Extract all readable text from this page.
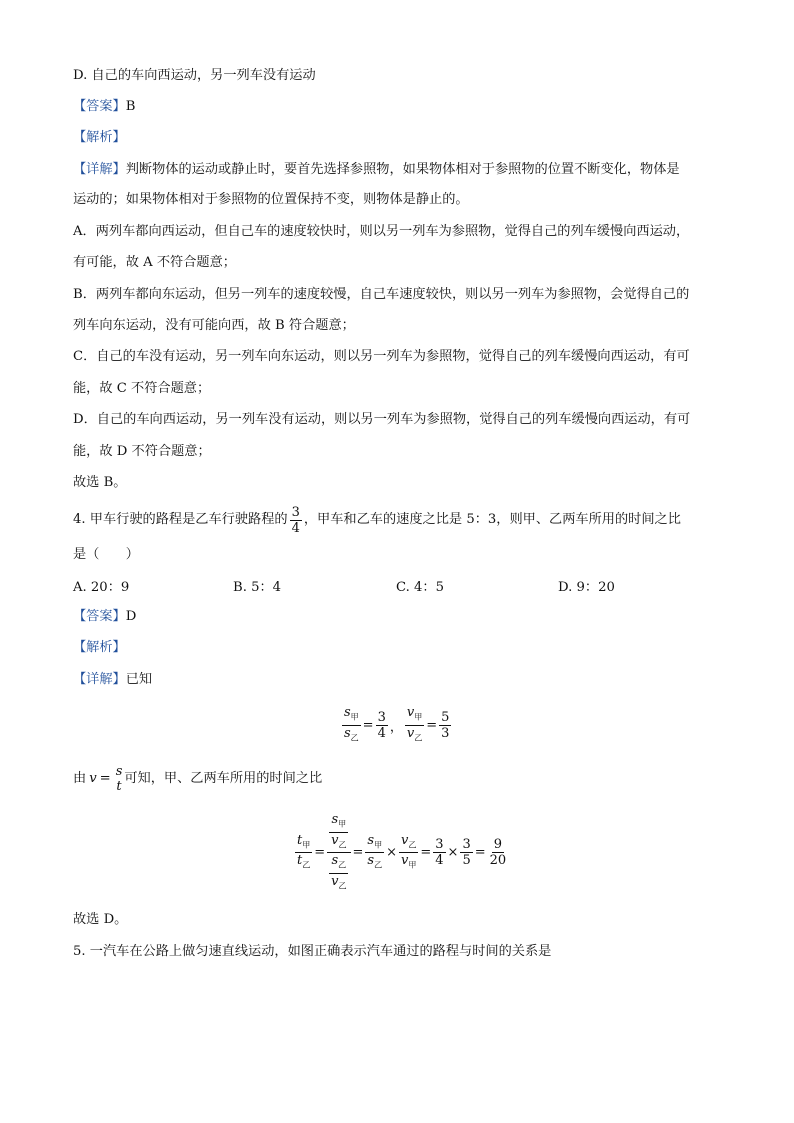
D. 自己的车向西运动，另一列车没有运动
【答案】B
【解析】
【详解】判断物体的运动或静止时，要首先选择参照物，如果物体相对于参照物的位置不断变化，物体是
运动的；如果物体相对于参照物的位置保持不变，则物体是静止的。
A．两列车都向西运动，但自己车的速度较快时，则以另一列车为参照物，觉得自己的列车缓慢向西运动，
有可能，故 A 不符合题意；
B．两列车都向东运动，但另一列车的速度较慢，自己车速度较快，则以另一列车为参照物，会觉得自己的
列车向东运动，没有可能向西，故 B 符合题意；
C．自己的车没有运动，另一列车向东运动，则以另一列车为参照物，觉得自己的列车缓慢向西运动，有可
能，故 C 不符合题意；
D．自己的车向西运动，另一列车没有运动，则以另一列车为参照物，觉得自己的列车缓慢向西运动，有可
能，故 D 不符合题意；
故选 B。
4. 甲车行驶的路程是乙车行驶路程的 $\frac{3}{4}$ ，甲车和乙车的速度之比是 5：3，则甲、乙两车所用的时间之比
是（　　）
A. 20：9	B. 5：4	C. 4：5	D. 9：20
【答案】D
【解析】
【详解】已知
$s_甲$
$s_乙$
= $\frac{3}{4}$ ，
$v_甲$
$v_乙$
= $\frac{5}{3}$
由 v = s
t
可知，甲、乙两车所用的时间之比
$t_甲$
$t_乙$
=
$s_甲$
$v_乙$
$s_乙$
$v_乙$
=
$s_甲$
$s_乙$
×
$v_乙$
$v_甲$
= $\frac{3}{4} \times \frac{3}{5} = \frac{9}{20}$
故选 D。
5. 一汽车在公路上做匀速直线运动，如图正确表示汽车通过的路程与时间的关系是
